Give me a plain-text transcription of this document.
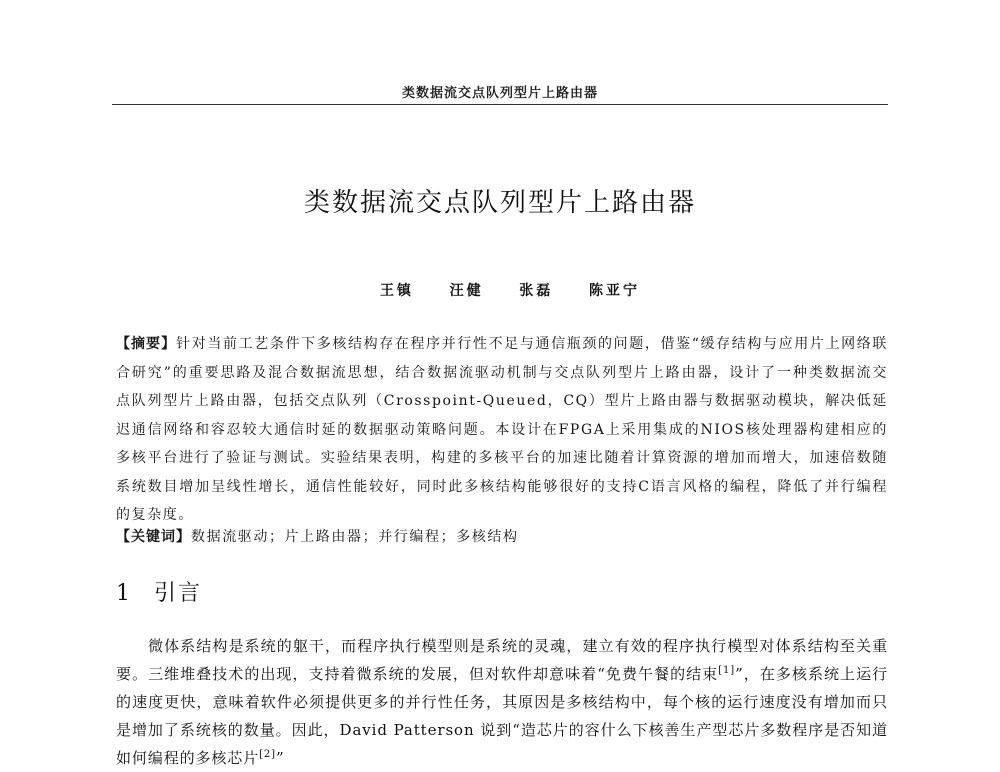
类数据流交点队列型片上路由器
类数据流交点队列型片上路由器
王镇	汪健	张磊	陈亚宁
【摘要】针对当前工艺条件下多核结构存在程序并行性不足与通信瓶颈的问题，借鉴“缓存结构与应用片上网络联合研究”的重要思路及混合数据流思想，结合数据流驱动机制与交点队列型片上路由器，设计了一种类数据流交点队列型片上路由器，包括交点队列（Crosspoint-Queued，CQ）型片上路由器与数据驱动模块，解决低延迟通信网络和容忍较大通信时延的数据驱动策略问题。本设计在FPGA上采用集成的NIOS核处理器构建相应的多核平台进行了验证与测试。实验结果表明，构建的多核平台的加速比随着计算资源的增加而增大，加速倍数随系统数目增加呈线性增长，通信性能较好，同时此多核结构能够很好的支持C语言风格的编程，降低了并行编程的复杂度。
【关键词】数据流驱动；片上路由器；并行编程；多核结构
1 引言
微体系结构是系统的躯干，而程序执行模型则是系统的灵魂，建立有效的程序执行模型对体系结构至关重要。三维堆叠技术的出现，支持着微系统的发展，但对软件却意味着“免费午餐的结束[1]”，在多核系统上运行的速度更快，意味着软件必须提供更多的并行性任务，其原因是多核结构中，每个核的运行速度没有增加而只是增加了系统核的数量。因此，David Patterson 说到“造芯片的容什么下核善生产型芯片多数程序是否知道如何编程的多核芯片[2]”
